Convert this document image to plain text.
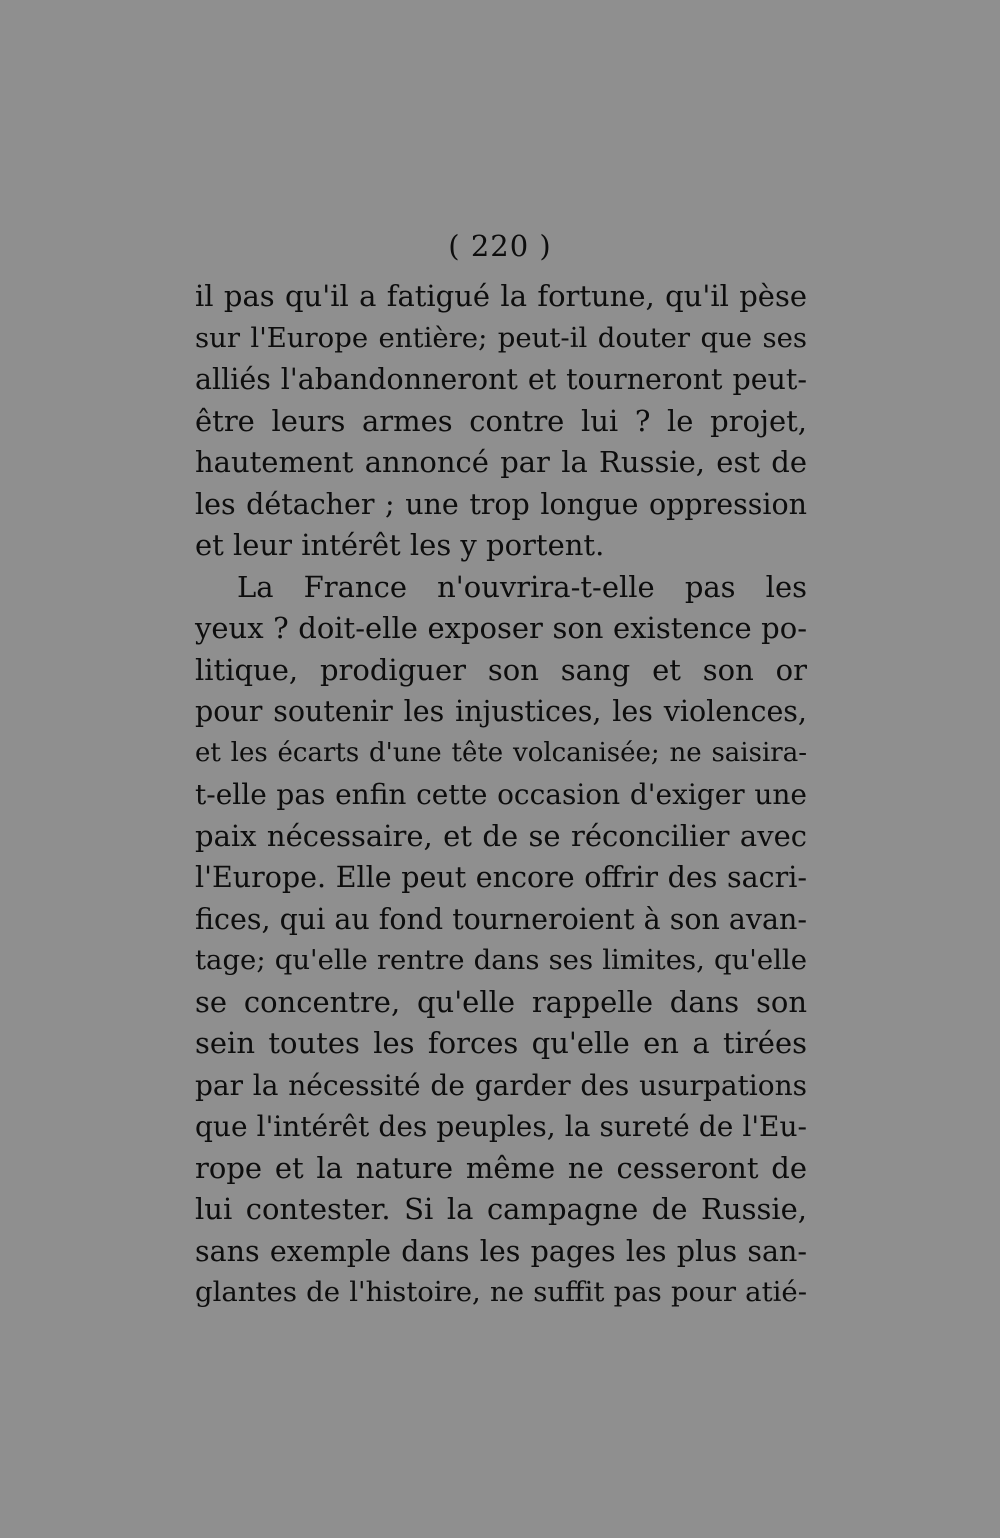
( 220 )
il pas qu'il a fatigué la fortune, qu'il pèse
sur l'Europe entière; peut-il douter que ses
alliés l'abandonneront et tourneront peut-
être leurs armes contre lui ? le projet,
hautement annoncé par la Russie, est de
les détacher ; une trop longue oppression
et leur intérêt les y portent.
La France n'ouvrira-t-elle pas les
yeux ? doit-elle exposer son existence po-
litique, prodiguer son sang et son or
pour soutenir les injustices, les violences,
et les écarts d'une tête volcanisée; ne saisira-
t-elle pas enfin cette occasion d'exiger une
paix nécessaire, et de se réconcilier avec
l'Europe. Elle peut encore offrir des sacri-
fices, qui au fond tourneroient à son avan-
tage; qu'elle rentre dans ses limites, qu'elle
se concentre, qu'elle rappelle dans son
sein toutes les forces qu'elle en a tirées
par la nécessité de garder des usurpations
que l'intérêt des peuples, la sureté de l'Eu-
rope et la nature même ne cesseront de
lui contester. Si la campagne de Russie,
sans exemple dans les pages les plus san-
glantes de l'histoire, ne suffit pas pour atié-
